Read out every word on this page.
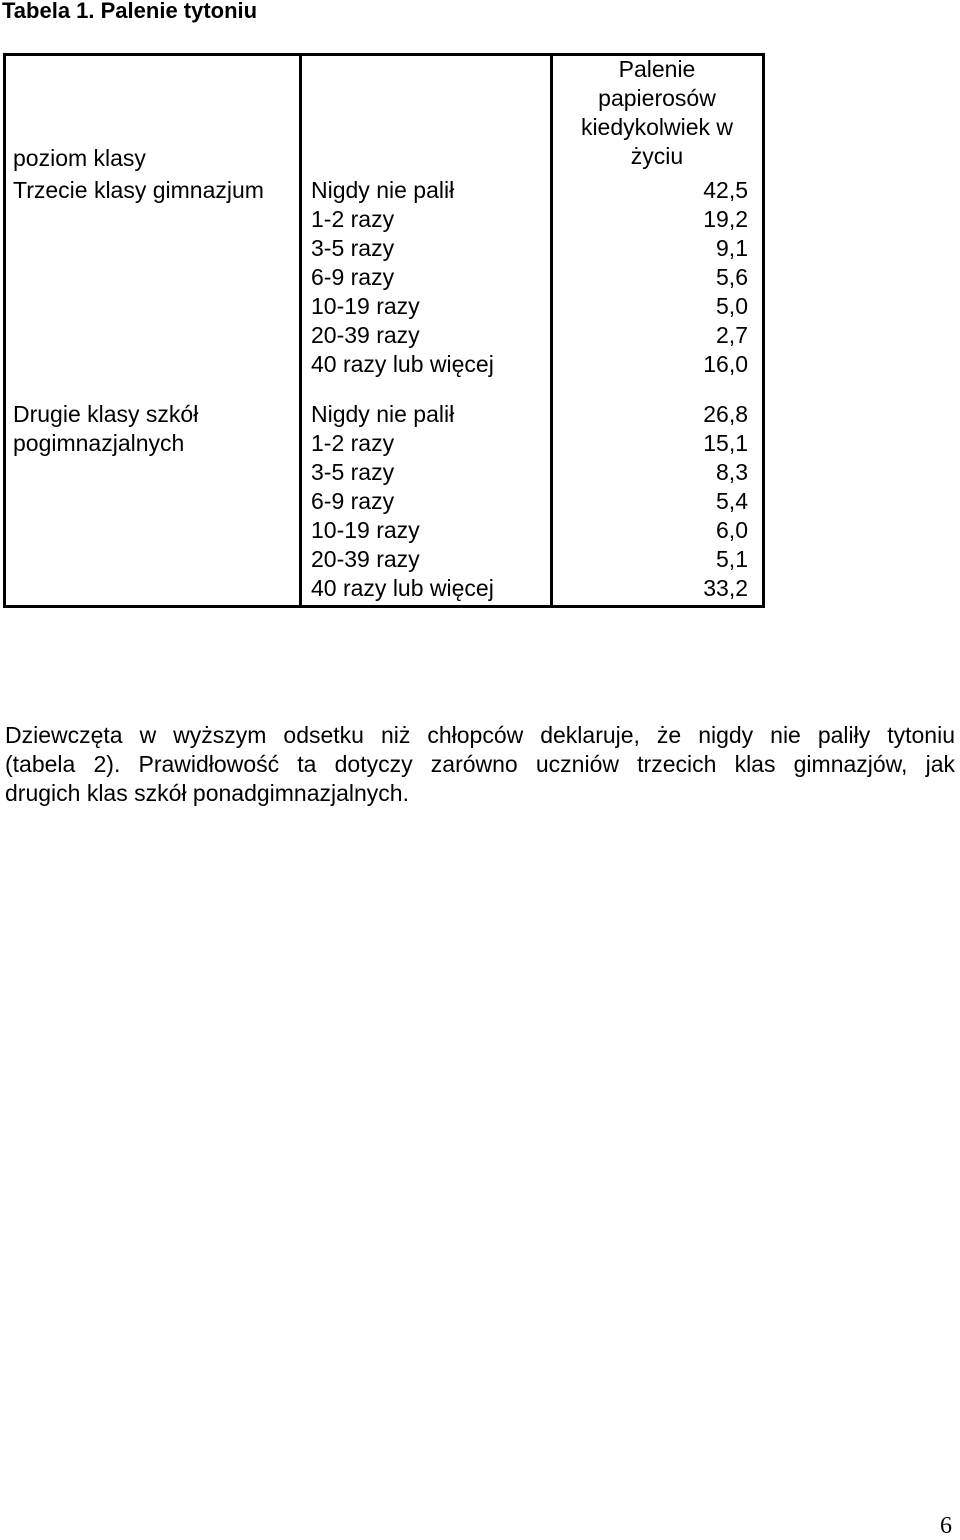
Tabela 1. Palenie tytoniu
poziom klasy
Palenie
papierosów
kiedykolwiek w
życiu
Trzecie klasy gimnazjum Nigdy nie palił
1-2 razy
3-5 razy
6-9 razy
10-19 razy
20-39 razy
40 razy lub więcej
42,5
19,2
9,1
5,6
5,0
2,7
16,0
Drugie klasy szkół
pogimnazjalnych
Nigdy nie palił
1-2 razy
3-5 razy
6-9 razy
10-19 razy
20-39 razy
40 razy lub więcej
26,8
15,1
8,3
5,4
6,0
5,1
33,2
Dziewczęta w wyższym odsetku niż chłopców deklaruje, że nigdy nie paliły tytoniu
(tabela 2). Prawidłowość ta dotyczy zarówno uczniów trzecich klas gimnazjów, jak
drugich klas szkół ponadgimnazjalnych.
6
